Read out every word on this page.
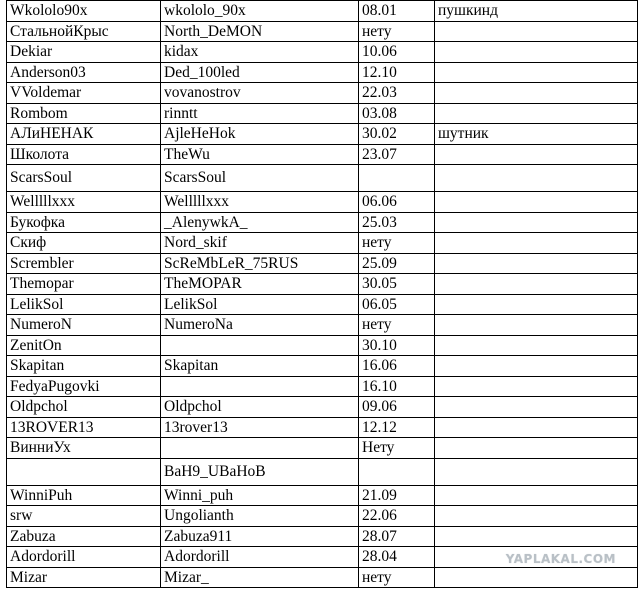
Wkololo90x	wkololo_90x	08.01	пушкинд
СтальнойКрыс	North_DeMON	нету	
Dekiar	kidax	10.06	
Anderson03	Ded_100led	12.10	
VVoldemar	vovanostrov	22.03	
Rombom	rinntt	03.08	
АЛиНЕНАК	AjleHeHok	30.02	шутник
Школота	TheWu	23.07	
ScarsSoul	ScarsSoul		
Welllllxxx	Welllllxxx	06.06	
Букофка	_AlenywkA_	25.03	
Скиф	Nord_skif	нету	
Scrembler	ScReMbLeR_75RUS	25.09	
Themopar	TheMOPAR	30.05	
LelikSol	LelikSol	06.05	
NumeroN	NumeroNa	нету	
ZenitOn		30.10	
Skapitan	Skapitan	16.06	
FedyaPugovki		16.10	
Oldpchol	Oldpchol	09.06	
13ROVER13	13rover13	12.12	
ВинниУх		Нету	
	BaH9_UBaHoB		
WinniPuh	Winni_puh	21.09	
srw	Ungolianth	22.06	
Zabuza	Zabuza911	28.07	
Adordorill	Adordorill	28.04	
Mizar	Mizar_	нету	
YAPLAKAL.COM
